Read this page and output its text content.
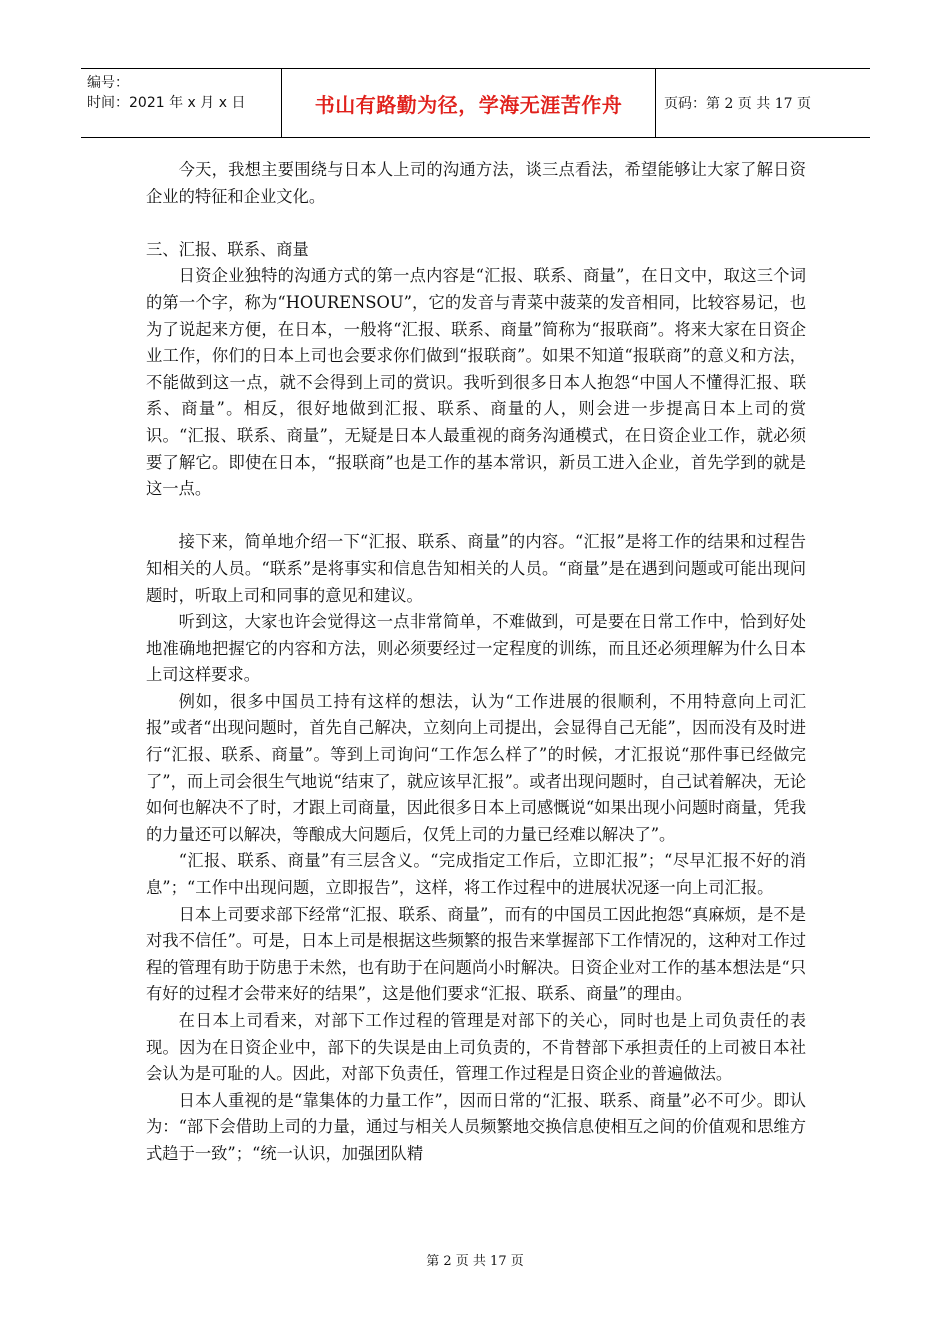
编号：
时间：2021 年 x 月 x 日	书山有路勤为径，学海无涯苦作舟	页码：第 2 页 共 17 页

今天，我想主要围绕与日本人上司的沟通方法，谈三点看法，希望能够让大家了解日资企业的特征和企业文化。

三、汇报、联系、商量

日资企业独特的沟通方式的第一点内容是“汇报、联系、商量”，在日文中，取这三个词的第一个字，称为“HOURENSOU”，它的发音与青菜中菠菜的发音相同，比较容易记，也为了说起来方便，在日本，一般将“汇报、联系、商量”简称为“报联商”。将来大家在日资企业工作，你们的日本上司也会要求你们做到“报联商”。如果不知道“报联商”的意义和方法，不能做到这一点，就不会得到上司的赏识。我听到很多日本人抱怨“中国人不懂得汇报、联系、商量”。相反，很好地做到汇报、联系、商量的人，则会进一步提高日本上司的赏识。“汇报、联系、商量”，无疑是日本人最重视的商务沟通模式，在日资企业工作，就必须要了解它。即使在日本，“报联商”也是工作的基本常识，新员工进入企业，首先学到的就是这一点。

接下来，简单地介绍一下“汇报、联系、商量”的内容。“汇报”是将工作的结果和过程告知相关的人员。“联系”是将事实和信息告知相关的人员。“商量”是在遇到问题或可能出现问题时，听取上司和同事的意见和建议。

听到这，大家也许会觉得这一点非常简单，不难做到，可是要在日常工作中，恰到好处地准确地把握它的内容和方法，则必须要经过一定程度的训练，而且还必须理解为什么日本上司这样要求。

例如，很多中国员工持有这样的想法，认为“工作进展的很顺利，不用特意向上司汇报”或者“出现问题时，首先自己解决，立刻向上司提出，会显得自己无能”，因而没有及时进行“汇报、联系、商量”。等到上司询问“工作怎么样了”的时候，才汇报说“那件事已经做完了”，而上司会很生气地说“结束了，就应该早汇报”。或者出现问题时，自己试着解决，无论如何也解决不了时，才跟上司商量，因此很多日本上司感慨说“如果出现小问题时商量，凭我的力量还可以解决，等酿成大问题后，仅凭上司的力量已经难以解决了”。

“汇报、联系、商量”有三层含义。“完成指定工作后，立即汇报”；“尽早汇报不好的消息”；“工作中出现问题，立即报告”，这样，将工作过程中的进展状况逐一向上司汇报。

日本上司要求部下经常“汇报、联系、商量”，而有的中国员工因此抱怨“真麻烦，是不是对我不信任”。可是，日本上司是根据这些频繁的报告来掌握部下工作情况的，这种对工作过程的管理有助于防患于未然，也有助于在问题尚小时解决。日资企业对工作的基本想法是“只有好的过程才会带来好的结果”，这是他们要求“汇报、联系、商量”的理由。

在日本上司看来，对部下工作过程的管理是对部下的关心，同时也是上司负责任的表现。因为在日资企业中，部下的失误是由上司负责的，不肯替部下承担责任的上司被日本社会认为是可耻的人。因此，对部下负责任，管理工作过程是日资企业的普遍做法。

日本人重视的是“靠集体的力量工作”，因而日常的“汇报、联系、商量”必不可少。即认为：“部下会借助上司的力量，通过与相关人员频繁地交换信息使相互之间的价值观和思维方式趋于一致”；“统一认识，加强团队精

第 2 页 共 17 页
